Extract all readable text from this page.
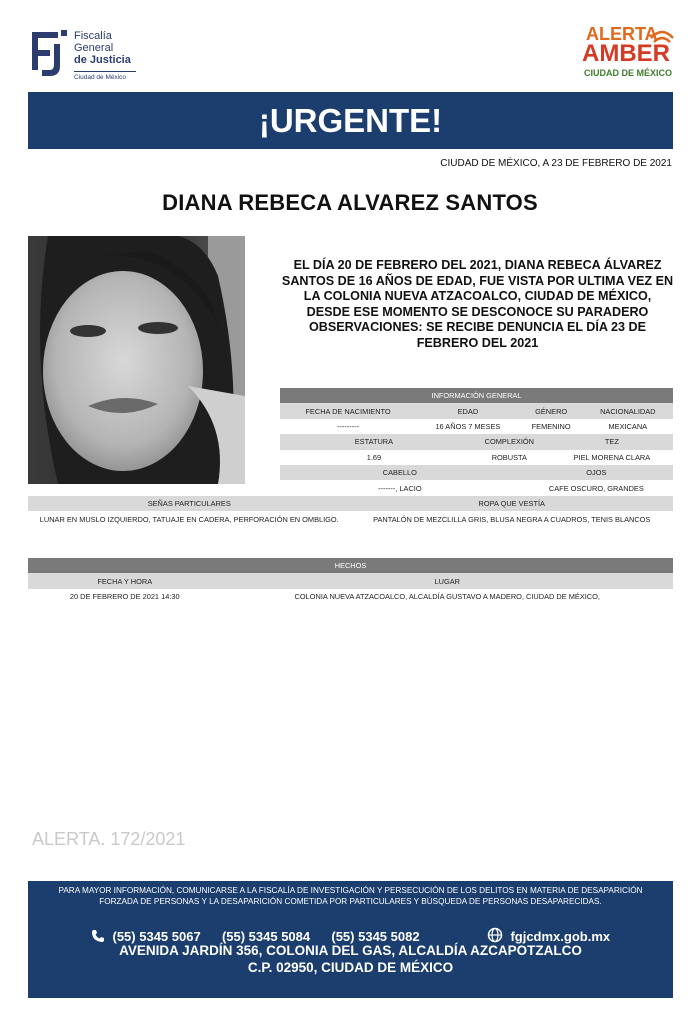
Fiscalía
General
de Justicia
Ciudad de México
ALERTA
AMBER
CIUDAD DE MÉXICO
¡URGENTE!
CIUDAD DE MÉXICO, A 23 DE FEBRERO DE 2021
DIANA REBECA ALVAREZ SANTOS
EL DÍA 20 DE FEBRERO DEL 2021, DIANA REBECA ÁLVAREZ SANTOS DE 16 AÑOS DE EDAD, FUE VISTA POR ULTIMA VEZ EN LA COLONIA NUEVA ATZACOALCO, CIUDAD DE MÉXICO, DESDE ESE MOMENTO SE DESCONOCE SU PARADERO OBSERVACIONES: SE RECIBE DENUNCIA EL DÍA 23 DE FEBRERO DEL 2021
INFORMACIÓN GENERAL					
FECHA DE NACIMIENTO	EDAD		GÉNERO		NACIONALIDAD
---------	16 AÑOS 7 MESES		FEMENINO		MEXICANA
ESTATURA		COMPLEXIÓN		TEZ	
1.69		ROBUSTA		PIEL MORENA CLARA	
CABELLO			OJOS		
-------, LACIO			CAFE OSCURO, GRANDES		
SEÑAS PARTICULARES	ROPA QUE VESTÍA
LUNAR EN MUSLO IZQUIERDO, TATUAJE EN CADERA, PERFORACIÓN EN OMBLIGO.	PANTALÓN DE MEZCLILLA GRIS, BLUSA NEGRA A CUADROS, TENIS BLANCOS
HECHOS	
FECHA Y HORA	LUGAR
20 DE FEBRERO DE 2021 14:30	COLONIA NUEVA ATZACOALCO, ALCALDÍA GUSTAVO A MADERO, CIUDAD DE MÉXICO,
ALERTA. 172/2021
PARA MAYOR INFORMACIÓN, COMUNICARSE A LA FISCALÍA DE INVESTIGACIÓN Y PERSECUCIÓN DE LOS DELITOS EN MATERIA DE DESAPARICIÓN FORZADA DE PERSONAS Y LA DESAPARICIÓN COMETIDA POR PARTICULARES Y BÚSQUEDA DE PERSONAS DESAPARECIDAS.
(55) 5345 5067 (55) 5345 5084 (55) 5345 5082	fgjcdmx.gob.mx
AVENIDA JARDÍN 356, COLONIA DEL GAS, ALCALDÍA AZCAPOTZALCO
C.P. 02950, CIUDAD DE MÉXICO
